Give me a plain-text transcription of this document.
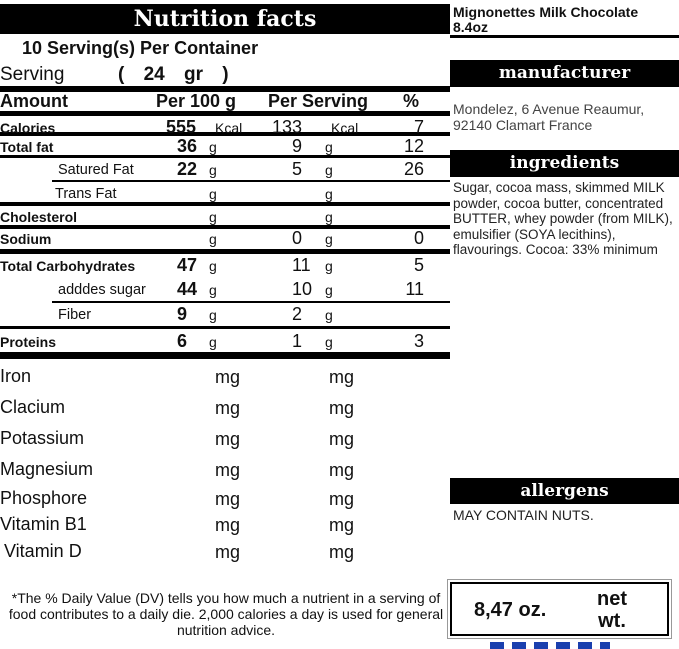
Nutrition facts
10 Serving(s) Per Container
Serving	( 24 gr )
Amount	Per 100 g Per Serving %
Calories	555 Kcal 133 Kcal	7
Total fat	36 g	9 g	12
Satured Fat 22 g	5 g	26
Trans Fat	g	g
Cholesterol	g	g
Sodium	g	0 g	0
Total Carbohydrates 47 g	11 g	5
adddes sugar 44 g	10 g	11
Fiber	9 g	2 g
Proteins	6 g	1 g	3
Iron	mg	mg
Clacium	mg	mg
Potassium	mg	mg
Magnesium	mg	mg
Phosphore	mg	mg
Vitamin B1	mg	mg
Vitamin D	mg	mg
*The % Daily Value (DV) tells you how much a nutrient in a serving of food contributes to a daily die. 2,000 calories a day is used for general nutrition advice.
Mignonettes Milk Chocolate
8.4oz
manufacturer
Mondelez, 6 Avenue Reaumur, 92140 Clamart France
ingredients
Sugar, cocoa mass, skimmed MILK powder, cocoa butter, concentrated BUTTER, whey powder (from MILK), emulsifier (SOYA lecithins), flavourings. Cocoa: 33% minimum
allergens
MAY CONTAIN NUTS.
8,47 oz.	net wt.
